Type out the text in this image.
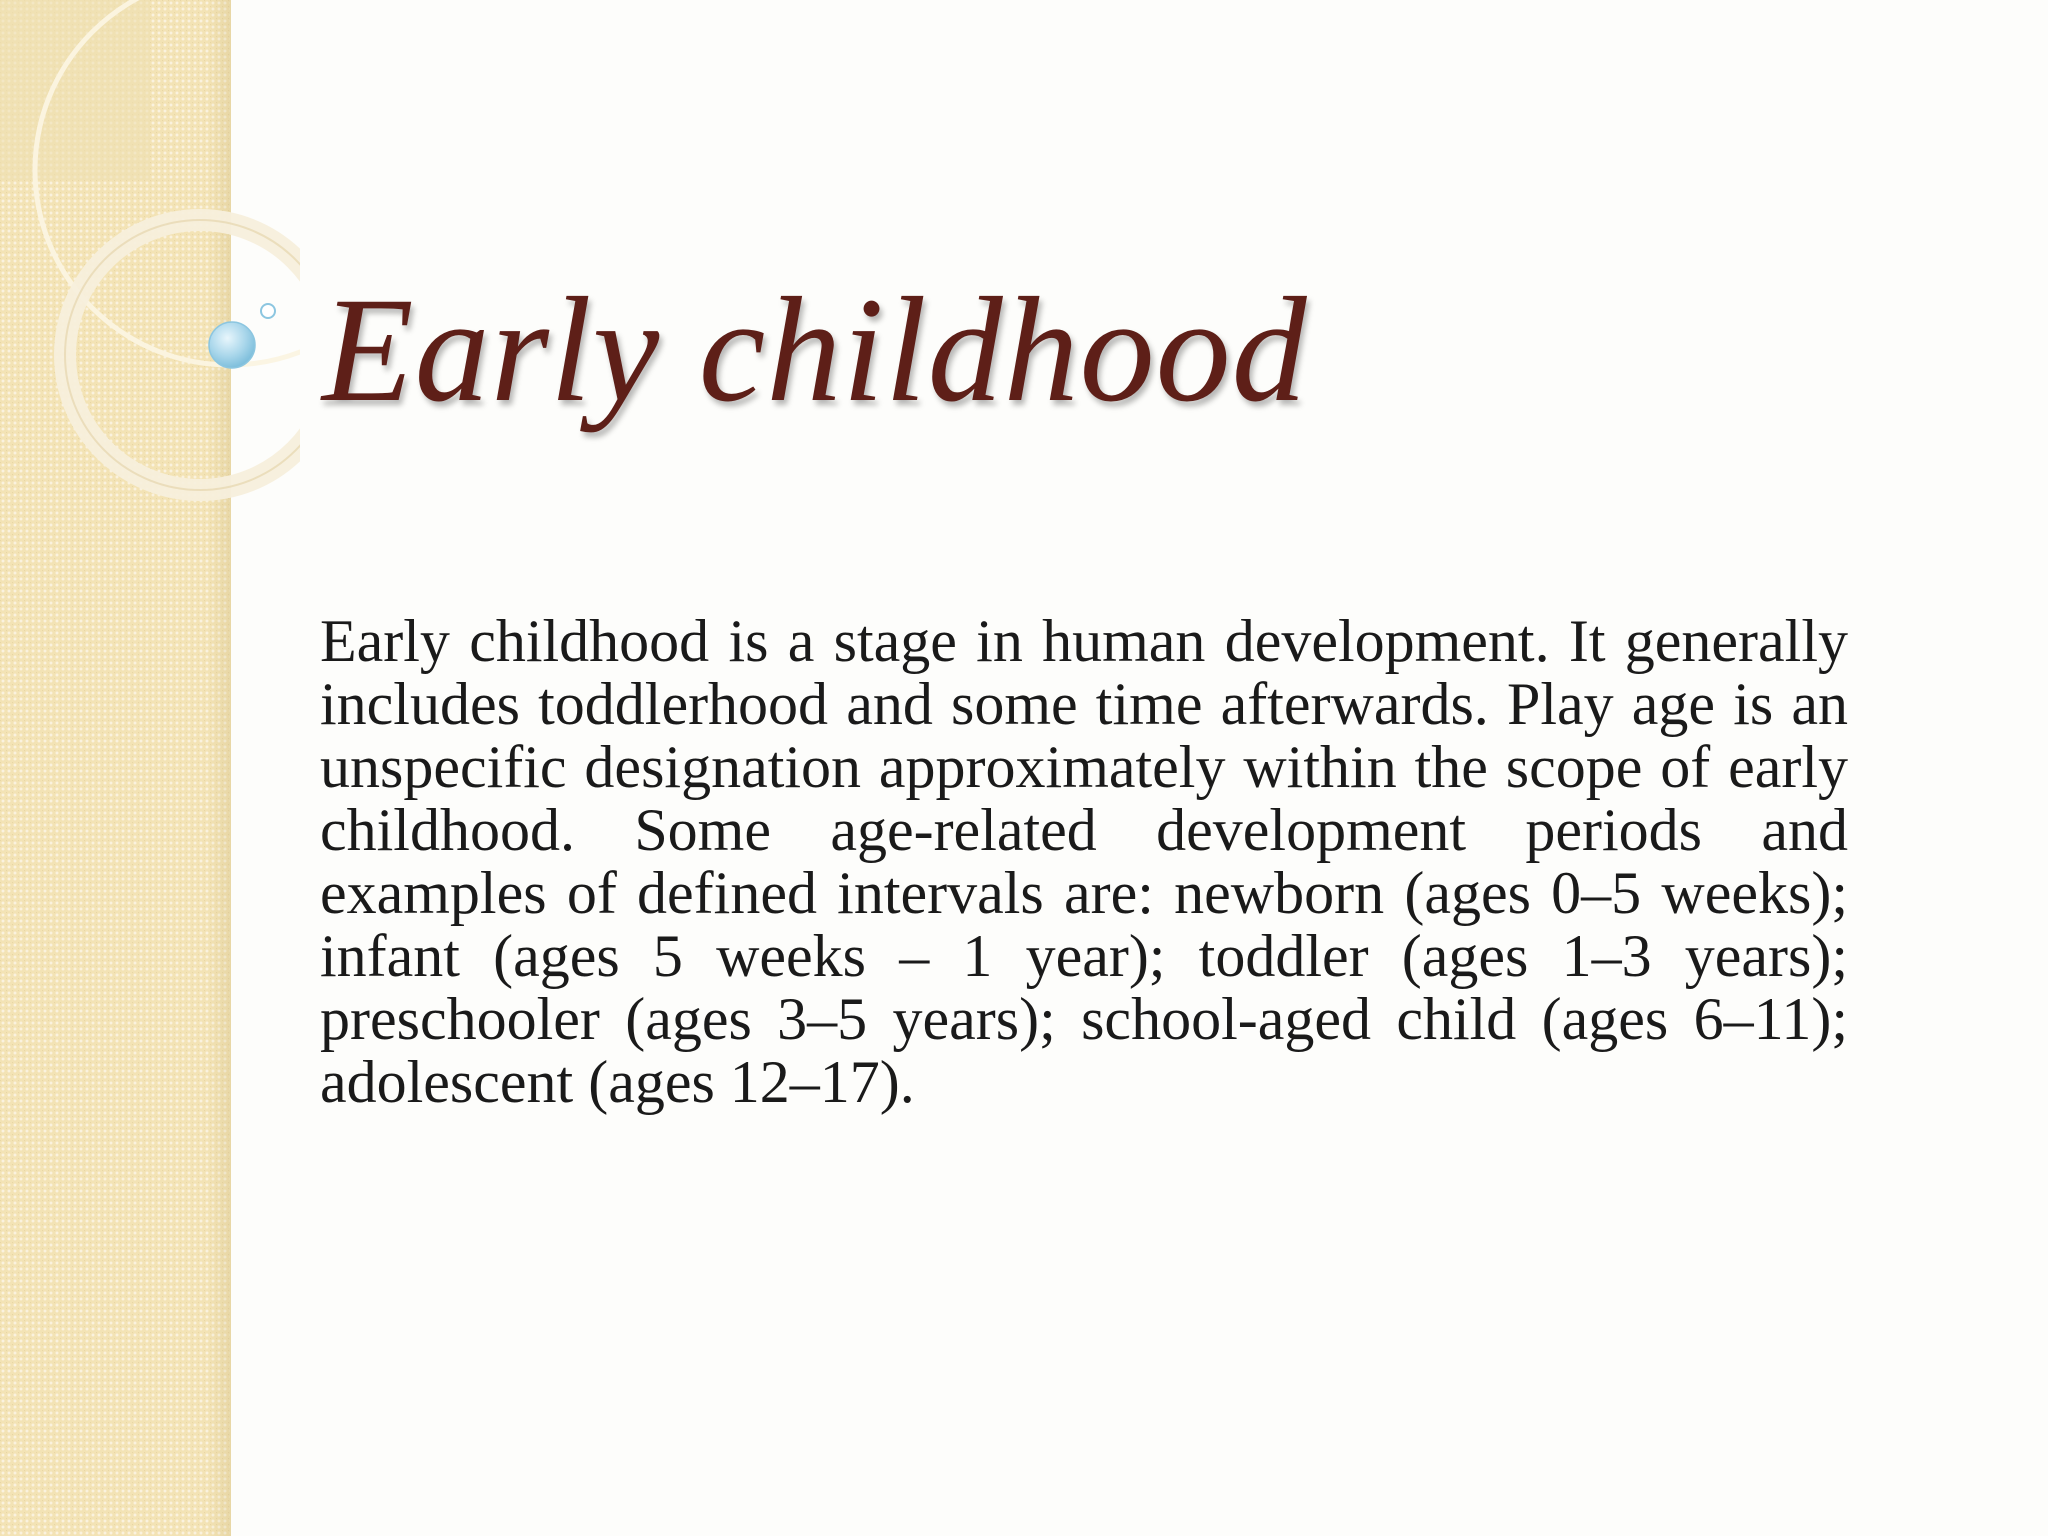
Early childhood

Early childhood is a stage in human development. It generally includes toddlerhood and some time afterwards. Play age is an unspecific designation approximately within the scope of early childhood. Some age-related development periods and examples of defined intervals are: newborn (ages 0–5 weeks); infant (ages 5 weeks – 1 year); toddler (ages 1–3 years); preschooler (ages 3–5 years); school-aged child (ages 6–11); adolescent (ages 12–17).
